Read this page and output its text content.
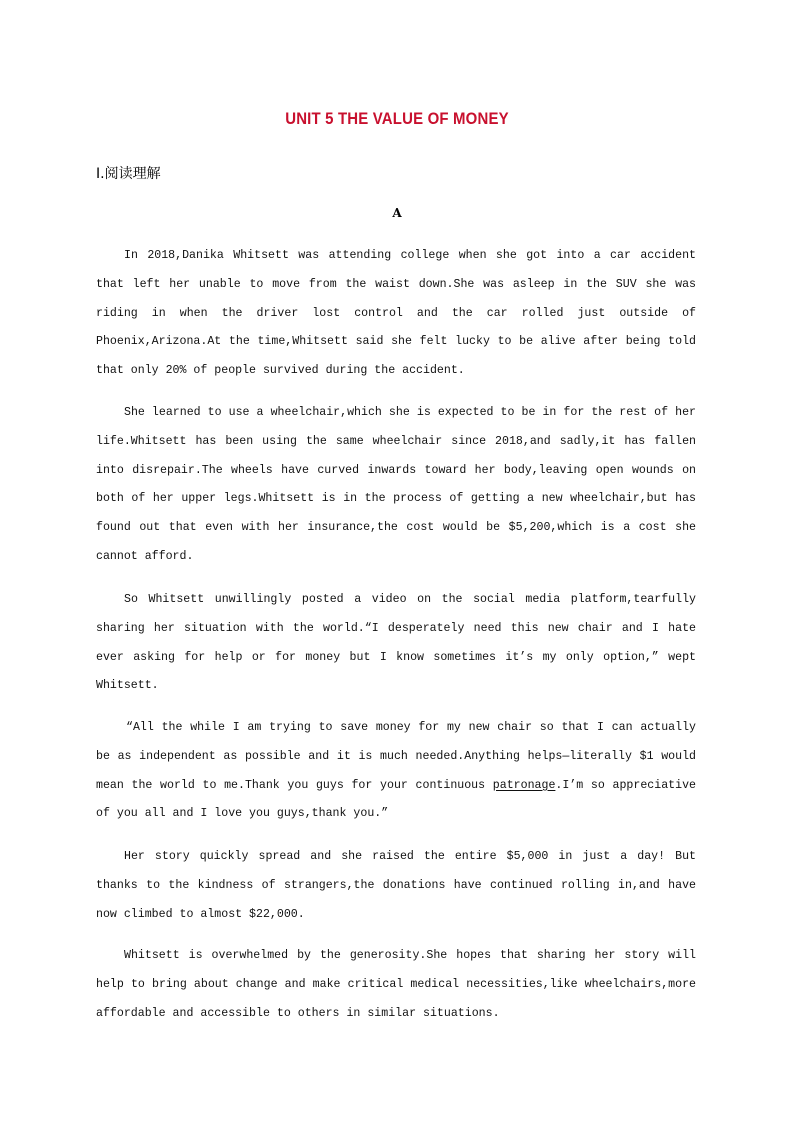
UNIT 5 THE VALUE OF MONEY
Ⅰ.阅读理解
A
In 2018,Danika Whitsett was attending college when she got into a car accident that left her unable to move from the waist down.She was asleep in the SUV she was riding in when the driver lost control and the car rolled just outside of Phoenix,Arizona.At the time,Whitsett said she felt lucky to be alive after being told that only 20% of people survived during the accident.
She learned to use a wheelchair,which she is expected to be in for the rest of her life.Whitsett has been using the same wheelchair since 2018,and sadly,it has fallen into disrepair.The wheels have curved inwards toward her body,leaving open wounds on both of her upper legs.Whitsett is in the process of getting a new wheelchair,but has found out that even with her insurance,the cost would be $5,200,which is a cost she cannot afford.
So Whitsett unwillingly posted a video on the social media platform,tearfully sharing her situation with the world.“I desperately need this new chair and I hate ever asking for help or for money but I know sometimes it’s my only option,” wept Whitsett.
“All the while I am trying to save money for my new chair so that I can actually be as independent as possible and it is much needed.Anything helps—literally $1 would mean the world to me.Thank you guys for your continuous patronage.I’m so appreciative of you all and I love you guys,thank you.”
Her story quickly spread and she raised the entire $5,000 in just a day! But thanks to the kindness of strangers,the donations have continued rolling in,and have now climbed to almost $22,000.
Whitsett is overwhelmed by the generosity.She hopes that sharing her story will help to bring about change and make critical medical necessities,like wheelchairs,more affordable and accessible to others in similar situations.
